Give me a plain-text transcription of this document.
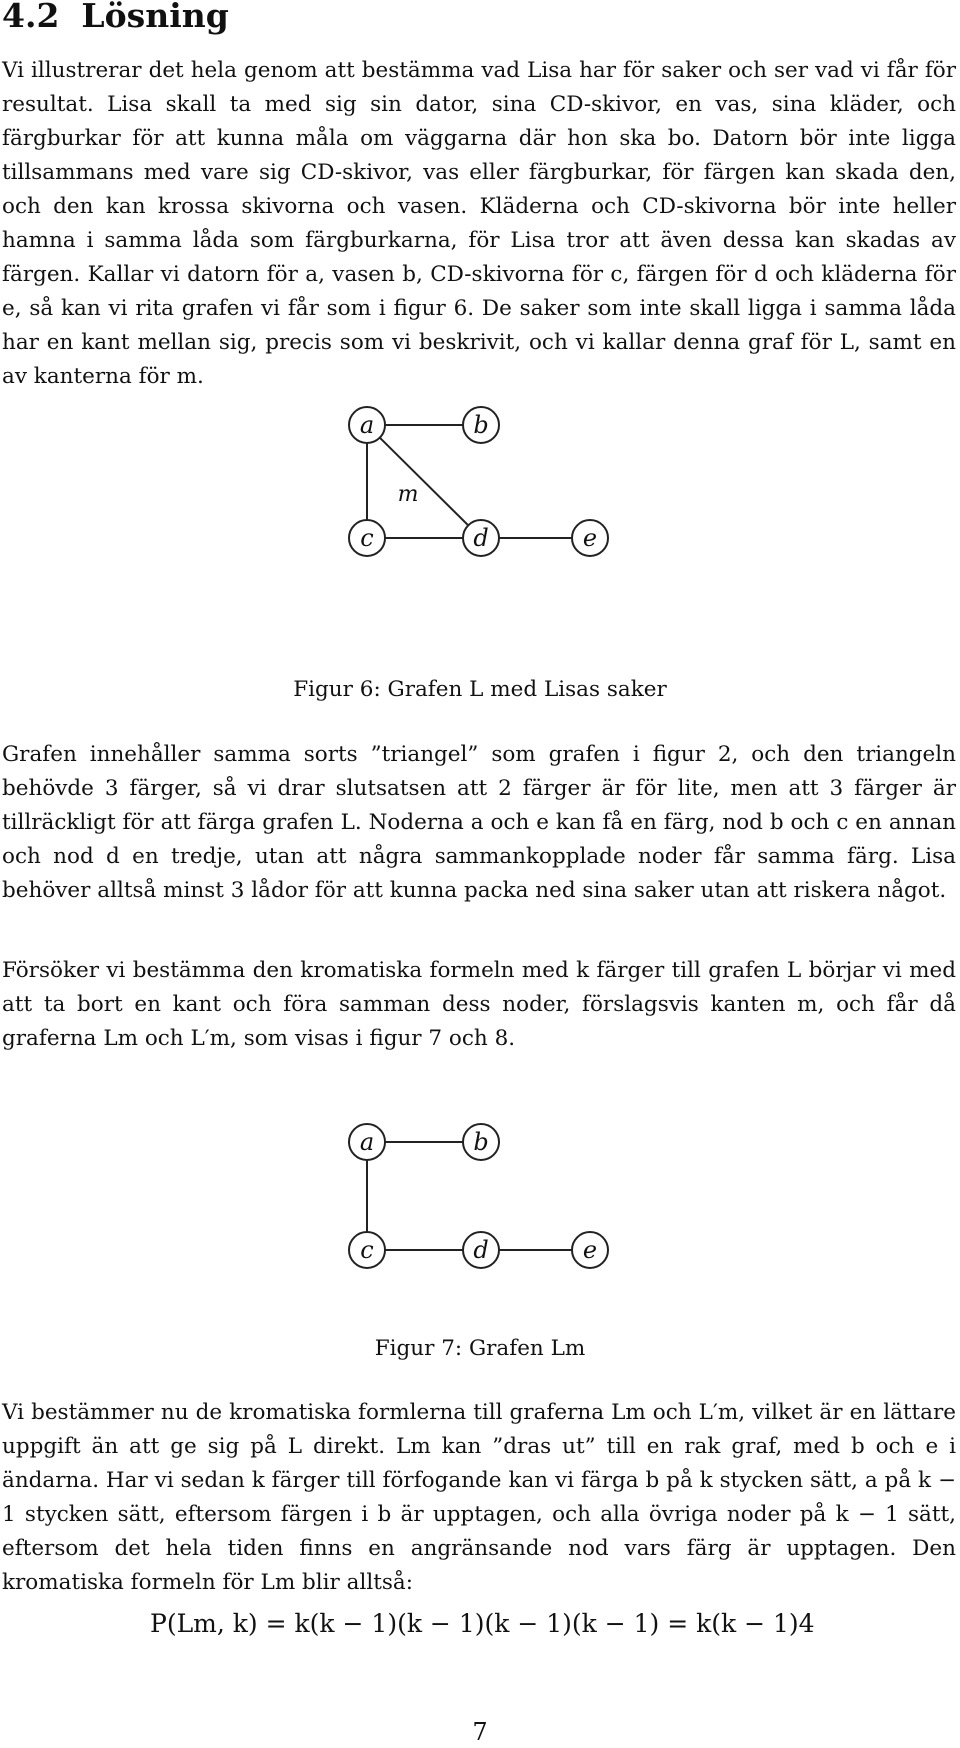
4.2 Lösning

Vi illustrerar det hela genom att bestämma vad Lisa har för saker och ser vad vi får för resultat. Lisa skall ta med sig sin dator, sina CD-skivor, en vas, sina kläder, och färgburkar för att kunna måla om väggarna där hon ska bo. Datorn bör inte ligga tillsammans med vare sig CD-skivor, vas eller färgburkar, för färgen kan skada den, och den kan krossa skivorna och vasen. Kläderna och CD-skivorna bör inte heller hamna i samma låda som färgburkarna, för Lisa tror att även dessa kan skadas av färgen. Kallar vi datorn för a, vasen b, CD-skivorna för c, färgen för d och kläderna för e, så kan vi rita grafen vi får som i figur 6. De saker som inte skall ligga i samma låda har en kant mellan sig, precis som vi beskrivit, och vi kallar denna graf för L, samt en av kanterna för m.

a	b
c	d	e
m

Figur 6: Grafen L med Lisas saker

Grafen innehåller samma sorts ”triangel” som grafen i figur 2, och den triangeln behövde 3 färger, så vi drar slutsatsen att 2 färger är för lite, men att 3 färger är tillräckligt för att färga grafen L. Noderna a och e kan få en färg, nod b och c en annan och nod d en tredje, utan att några sammankopplade noder får samma färg. Lisa behöver alltså minst 3 lådor för att kunna packa ned sina saker utan att riskera något.

Försöker vi bestämma den kromatiska formeln med k färger till grafen L börjar vi med att ta bort en kant och föra samman dess noder, förslagsvis kanten m, och får då graferna Lm och L′m, som visas i figur 7 och 8.

a	b
c	d	e

Figur 7: Grafen Lm

Vi bestämmer nu de kromatiska formlerna till graferna Lm och L′m, vilket är en lättare uppgift än att ge sig på L direkt. Lm kan ”dras ut” till en rak graf, med b och e i ändarna. Har vi sedan k färger till förfogande kan vi färga b på k stycken sätt, a på k − 1 stycken sätt, eftersom färgen i b är upptagen, och alla övriga noder på k − 1 sätt, eftersom det hela tiden finns en angränsande nod vars färg är upptagen. Den kromatiska formeln för Lm blir alltså:

P(Lm, k) = k(k − 1)(k − 1)(k − 1)(k − 1) = k(k − 1)4

7
